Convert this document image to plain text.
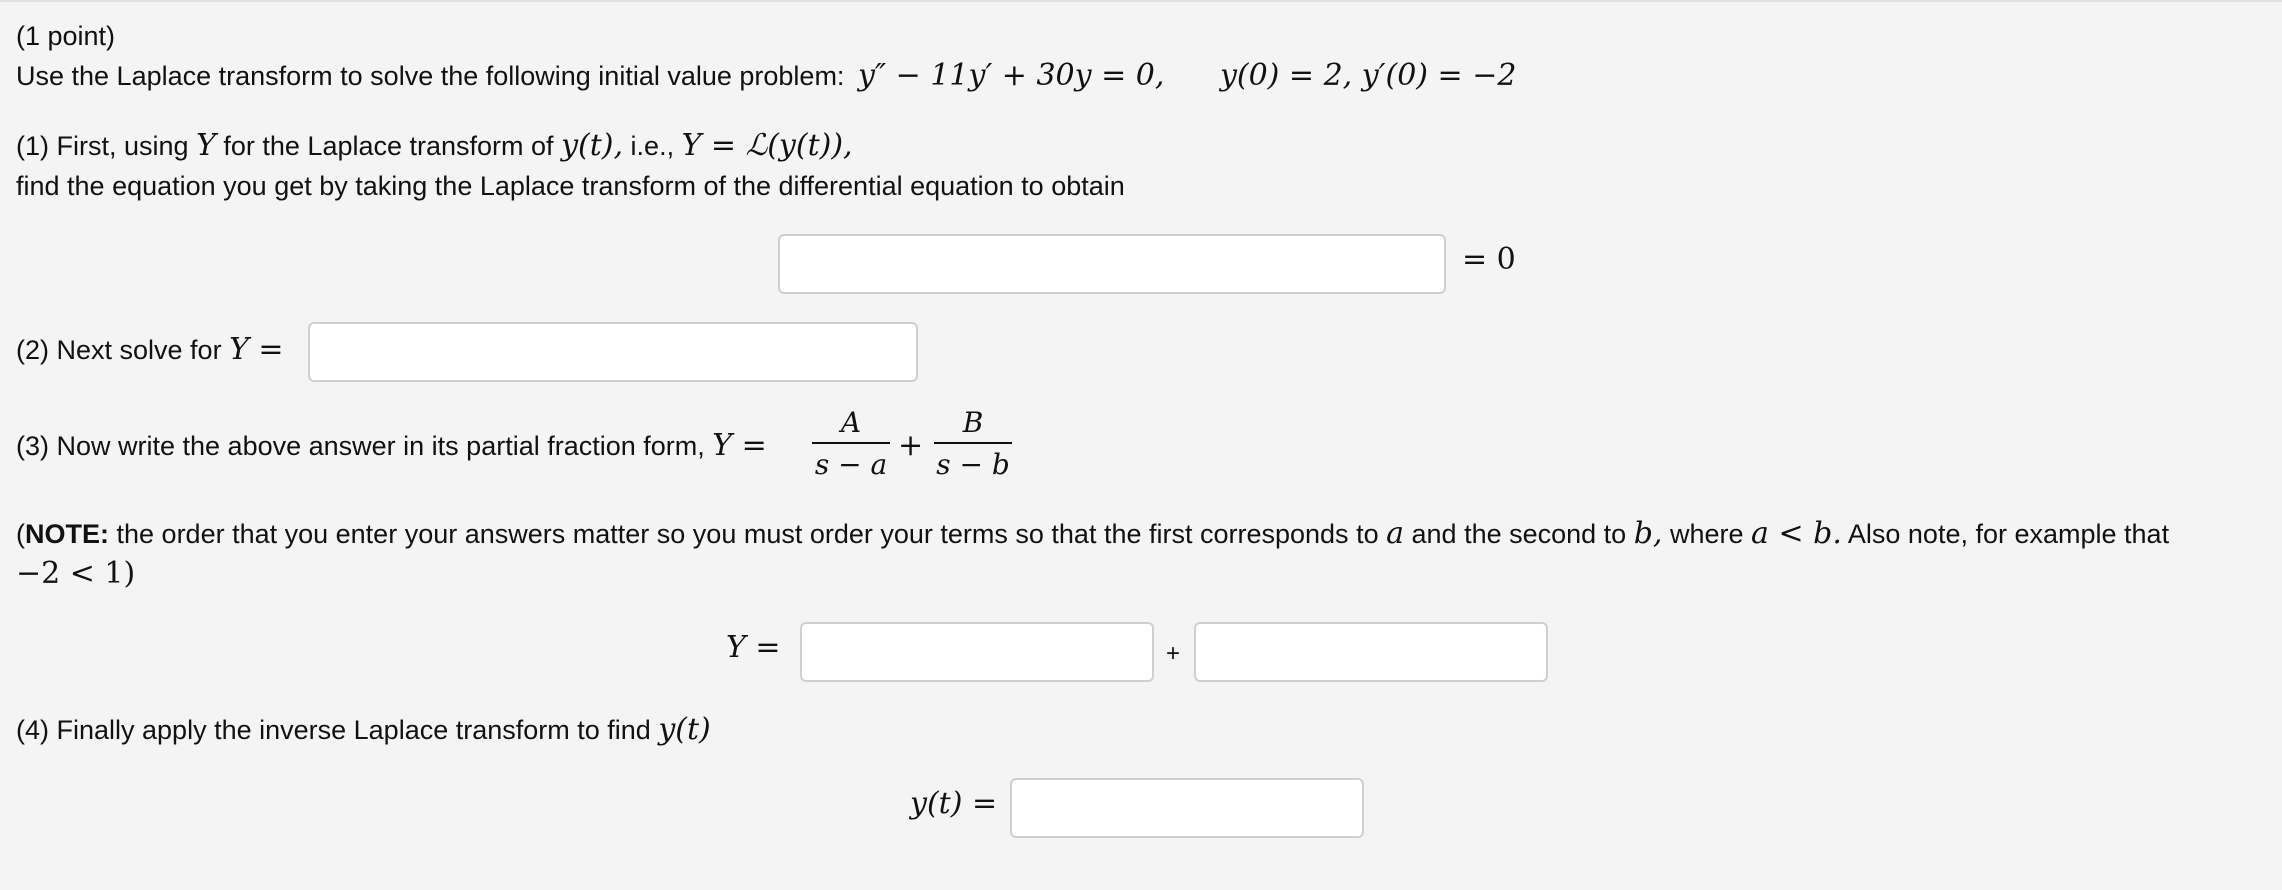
(1 point)
Use the Laplace transform to solve the following initial value problem: y″ − 11y′ + 30y = 0, y(0) = 2, y′(0) = −2
(1) First, using Y for the Laplace transform of y(t), i.e., Y = ℒ(y(t)),
find the equation you get by taking the Laplace transform of the differential equation to obtain
= 0
(2) Next solve for Y =
(3) Now write the above answer in its partial fraction form, Y =
A
s − a
+
B
s − b
(NOTE: the order that you enter your answers matter so you must order your terms so that the first corresponds to a and the second to b, where a < b. Also note, for example that
−2 < 1)
Y =	+
(4) Finally apply the inverse Laplace transform to find y(t)
y(t) =
